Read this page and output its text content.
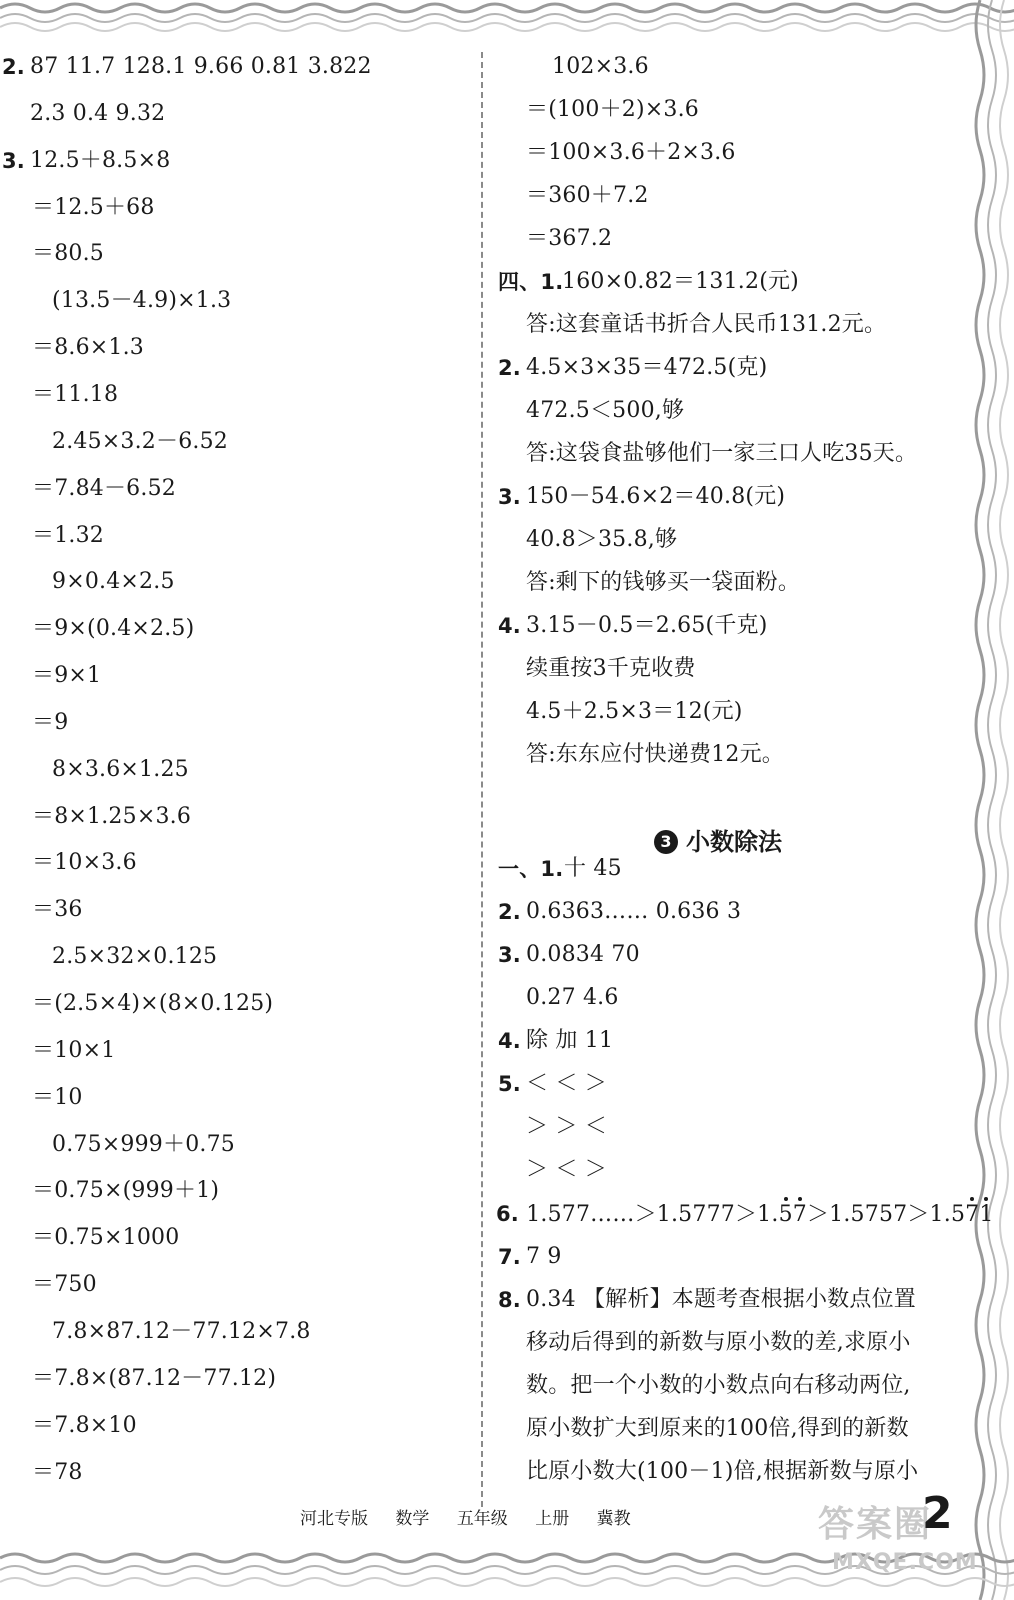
2. 87 11.7 128.1 9.66 0.81 3.822
2.3 0.4 9.32
3. 12.5＋8.5×8
＝12.5＋68
＝80.5
(13.5－4.9)×1.3
＝8.6×1.3
＝11.18
2.45×3.2－6.52
＝7.84－6.52
＝1.32
9×0.4×2.5
＝9×(0.4×2.5)
＝9×1
＝9
8×3.6×1.25
＝8×1.25×3.6
＝10×3.6
＝36
2.5×32×0.125
＝(2.5×4)×(8×0.125)
＝10×1
＝10
0.75×999＋0.75
＝0.75×(999＋1)
＝0.75×1000
＝750
7.8×87.12－77.12×7.8
＝7.8×(87.12－77.12)
＝7.8×10
＝78
102×3.6
＝(100＋2)×3.6
＝100×3.6＋2×3.6
＝360＋7.2
＝367.2
四、1.
160×0.82＝131.2(元)
答:这套童话书折合人民币131.2元。
2. 4.5×3×35＝472.5(克)
472.5＜500,够
答:这袋食盐够他们一家三口人吃35天。
3. 150－54.6×2＝40.8(元)
40.8＞35.8,够
答:剩下的钱够买一袋面粉。
4. 3.15－0.5＝2.65(千克)
续重按3千克收费
4.5＋2.5×3＝12(元)
答:东东应付快递费12元。
3 小数除法
一、1. 十 45
2. 0.6363…… 0.636 3
3. 0.0834 70
0.27 4.6
4. 除 加 11
5. ＜ ＜ ＞
＞ ＞ ＜
＞ ＜ ＞
7. 7 9
8. 0.34 【解析】本题考查根据小数点位置
移动后得到的新数与原小数的差,求原小
数。把一个小数的小数点向右移动两位,
原小数扩大到原来的100倍,得到的新数
比原小数大(100－1)倍,根据新数与原小
6. 1.577……＞1.5777＞1.57＞1.5757＞1.571
河北专版 数学 五年级 上册 冀教	答案圈
MXQE.COM
2
